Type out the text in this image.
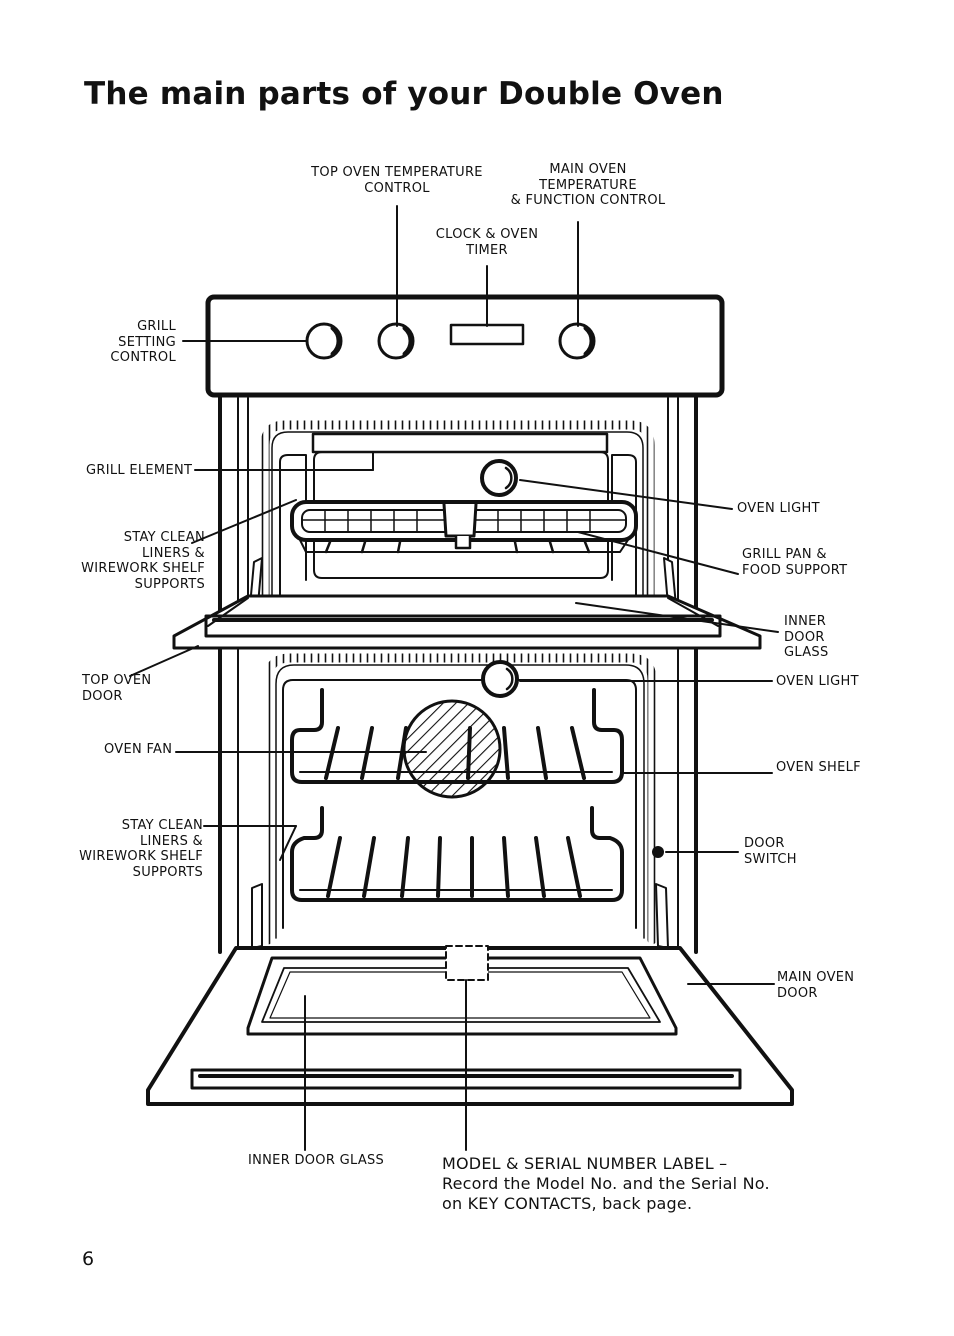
The main parts of your Double Oven
TOP OVEN TEMPERATURE
CONTROL
MAIN OVEN
TEMPERATURE
& FUNCTION CONTROL
CLOCK & OVEN
TIMER
GRILL
SETTING
CONTROL
GRILL ELEMENT
OVEN LIGHT
STAY CLEAN
LINERS &
WIREWORK SHELF
SUPPORTS
GRILL PAN &
FOOD SUPPORT
INNER
DOOR
GLASS
TOP OVEN
DOOR
OVEN LIGHT
OVEN FAN
OVEN SHELF
STAY CLEAN
LINERS &
WIREWORK SHELF
SUPPORTS
DOOR
SWITCH
MAIN OVEN
DOOR
INNER DOOR GLASS	MODEL & SERIAL NUMBER LABEL –
Record the Model No. and the Serial No.
on KEY CONTACTS, back page.
6
